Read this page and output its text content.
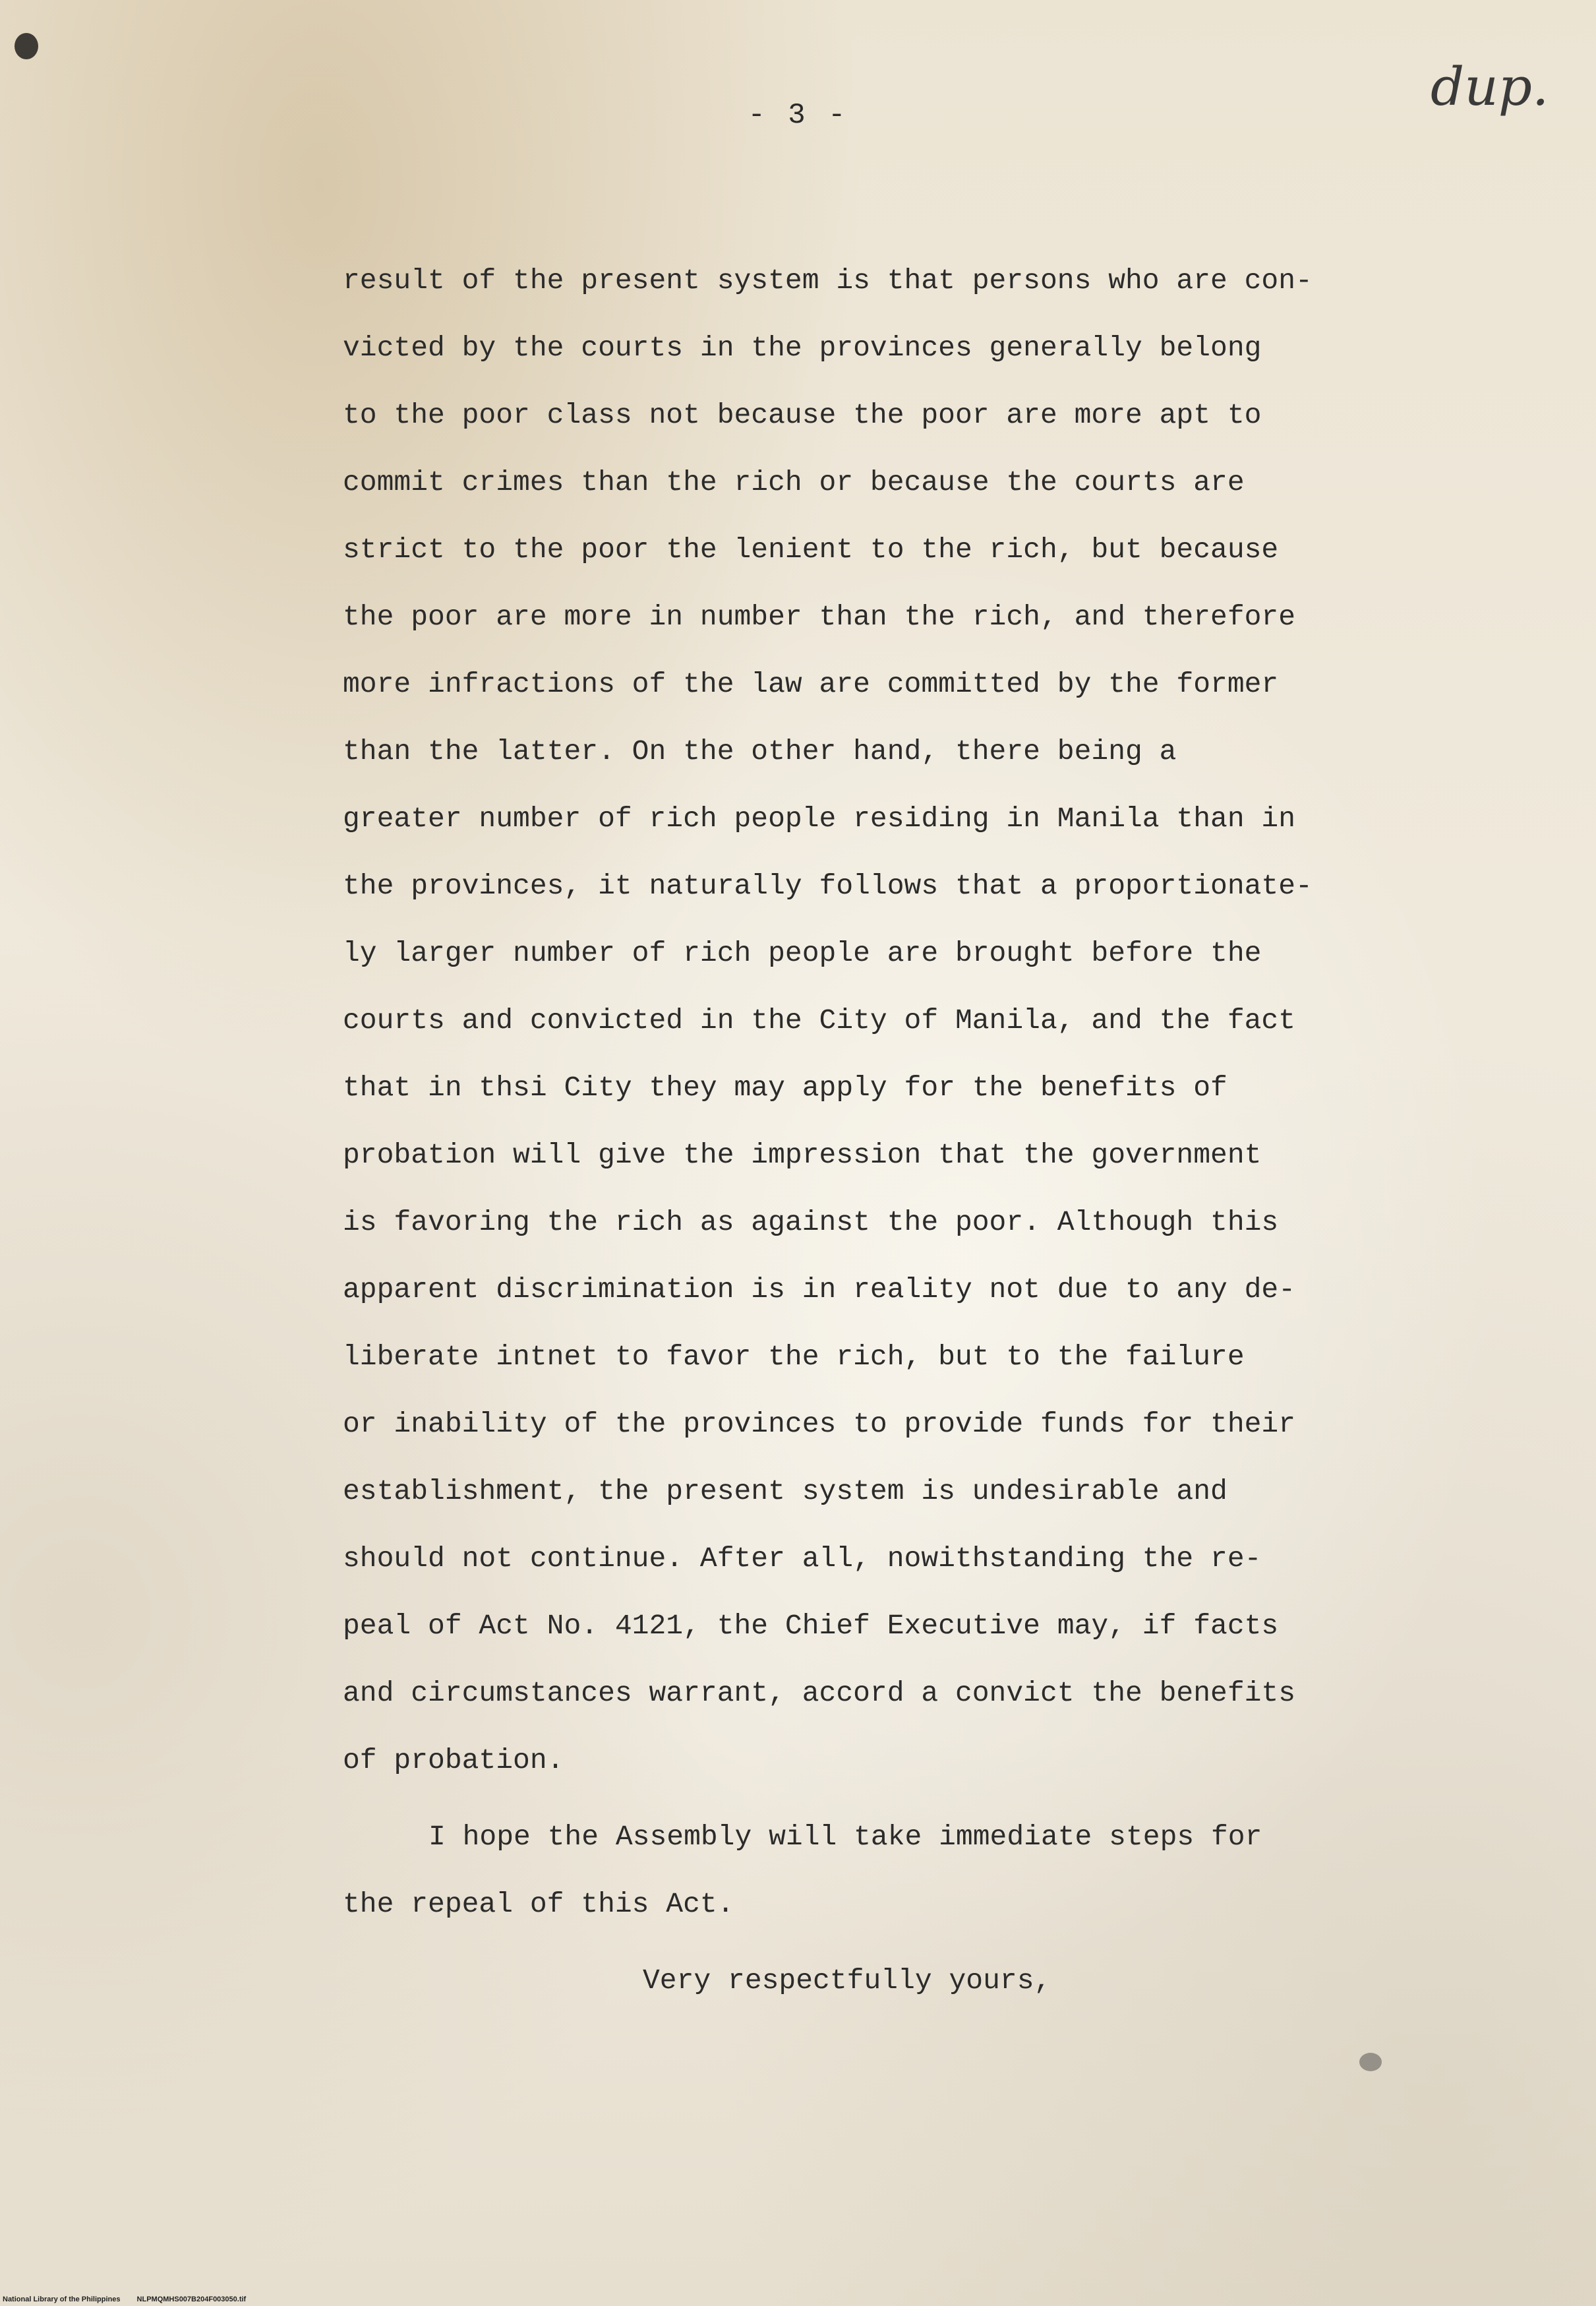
- 3 -	dup.
result of the present system is that persons who are con-
victed by the courts in the provinces generally belong
to the poor class not because the poor are more apt to
commit crimes than the rich or because the courts are
strict to the poor the lenient to the rich, but because
the poor are more in number than the rich, and therefore
more infractions of the law are committed by the former
than the latter. On the other hand, there being a
greater number of rich people residing in Manila than in
the provinces, it naturally follows that a proportionate-
ly larger number of rich people are brought before the
courts and convicted in the City of Manila, and the fact
that in thsi City they may apply for the benefits of
probation will give the impression that the government
is favoring the rich as against the poor. Although this
apparent discrimination is in reality not due to any de-
liberate intnet to favor the rich, but to the failure
or inability of the provinces to provide funds for their
establishment, the present system is undesirable and
should not continue. After all, nowithstanding the re-
peal of Act No. 4121, the Chief Executive may, if facts
and circumstances warrant, accord a convict the benefits
of probation.
I hope the Assembly will take immediate steps for
the repeal of this Act.
Very respectfully yours,
National Library of the Philippines NLPMQMHS007B204F003050.tif
